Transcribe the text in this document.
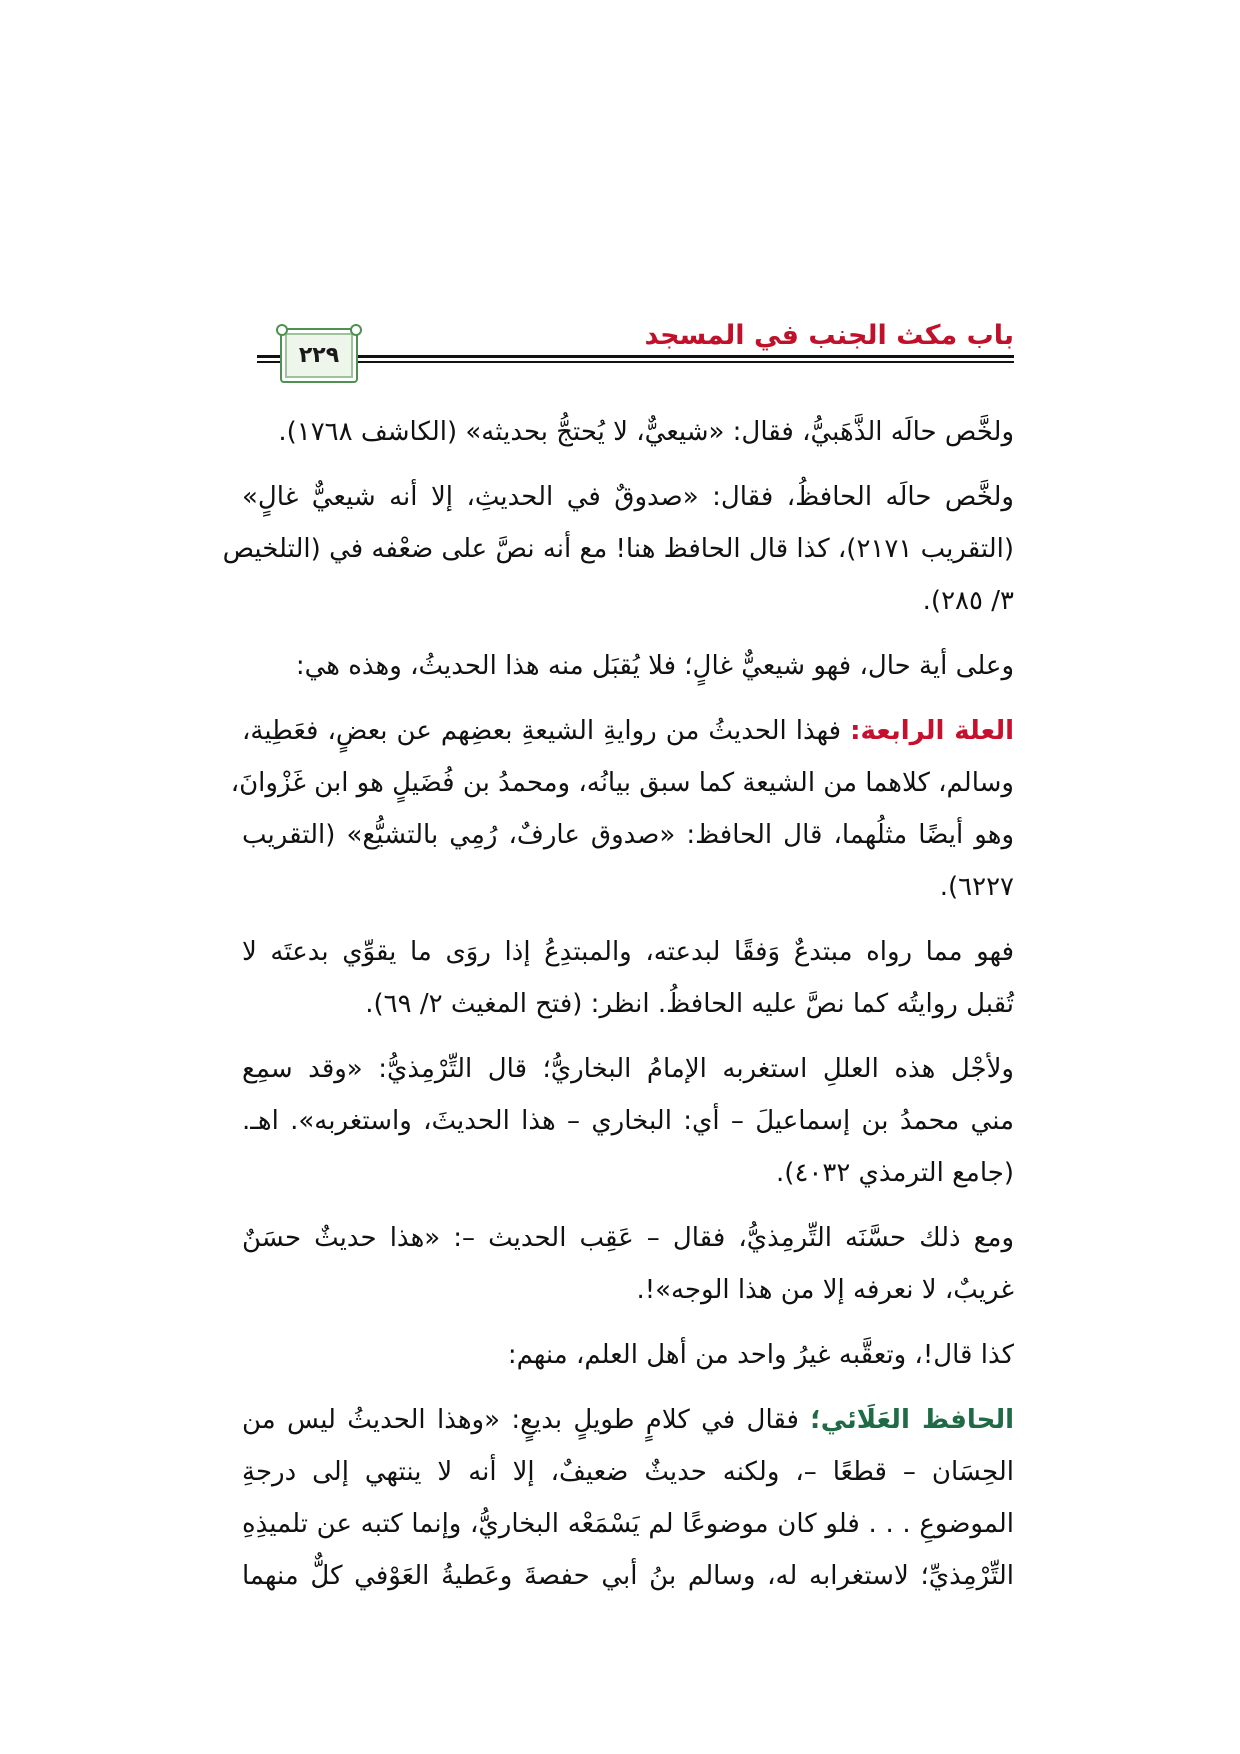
باب مكث الجنب في المسجد
٢٢٩
ولخَّص حالَه الذَّهَبيُّ، فقال: «شيعيٌّ، لا يُحتجُّ بحديثه» (الكاشف ١٧٦٨).
ولخَّص حالَه الحافظُ، فقال: «صدوقٌ في الحديثِ، إلا أنه شيعيٌّ غالٍ»
(التقريب ٢١٧١)، كذا قال الحافظ هنا! مع أنه نصَّ على ضعْفه في (التلخيص
٣/ ٢٨٥).
وعلى أية حال، فهو شيعيٌّ غالٍ؛ فلا يُقبَل منه هذا الحديثُ، وهذه هي:
العلة الرابعة: فهذا الحديثُ من روايةِ الشيعةِ بعضِهم عن بعضٍ، فعَطِية،
وسالم، كلاهما من الشيعة كما سبق بيانُه، ومحمدُ بن فُضَيلٍ هو ابن غَزْوانَ،
وهو أيضًا مثلُهما، قال الحافظ: «صدوق عارفٌ، رُمِي بالتشيُّع» (التقريب
٦٢٢٧).
فهو مما رواه مبتدعٌ وَفقًا لبدعته، والمبتدِعُ إذا روَى ما يقوِّي بدعتَه لا
تُقبل روايتُه كما نصَّ عليه الحافظُ. انظر: (فتح المغيث ٢/ ٦٩).
ولأجْل هذه العللِ استغربه الإمامُ البخاريُّ؛ قال التِّرْمِذيُّ: «وقد سمِع
مني محمدُ بن إسماعيلَ – أي: البخاري – هذا الحديثَ، واستغربه». اهـ.
(جامع الترمذي ٤٠٣٢).
ومع ذلك حسَّنَه التِّرمِذيُّ، فقال – عَقِب الحديث –: «هذا حديثٌ حسَنٌ
غريبٌ، لا نعرفه إلا من هذا الوجه»!.
كذا قال!، وتعقَّبه غيرُ واحد من أهل العلم، منهم:
الحافظ العَلَائي؛ فقال في كلامٍ طويلٍ بديعٍ: «وهذا الحديثُ ليس من
الحِسَان – قطعًا –، ولكنه حديثٌ ضعيفٌ، إلا أنه لا ينتهي إلى درجةِ
الموضوعِ . . . فلو كان موضوعًا لم يَسْمَعْه البخاريُّ، وإنما كتبه عن تلميذِهِ
التِّرْمِذيِّ؛ لاستغرابه له، وسالم بنُ أبي حفصةَ وعَطيةُ العَوْفي كلٌّ منهما
